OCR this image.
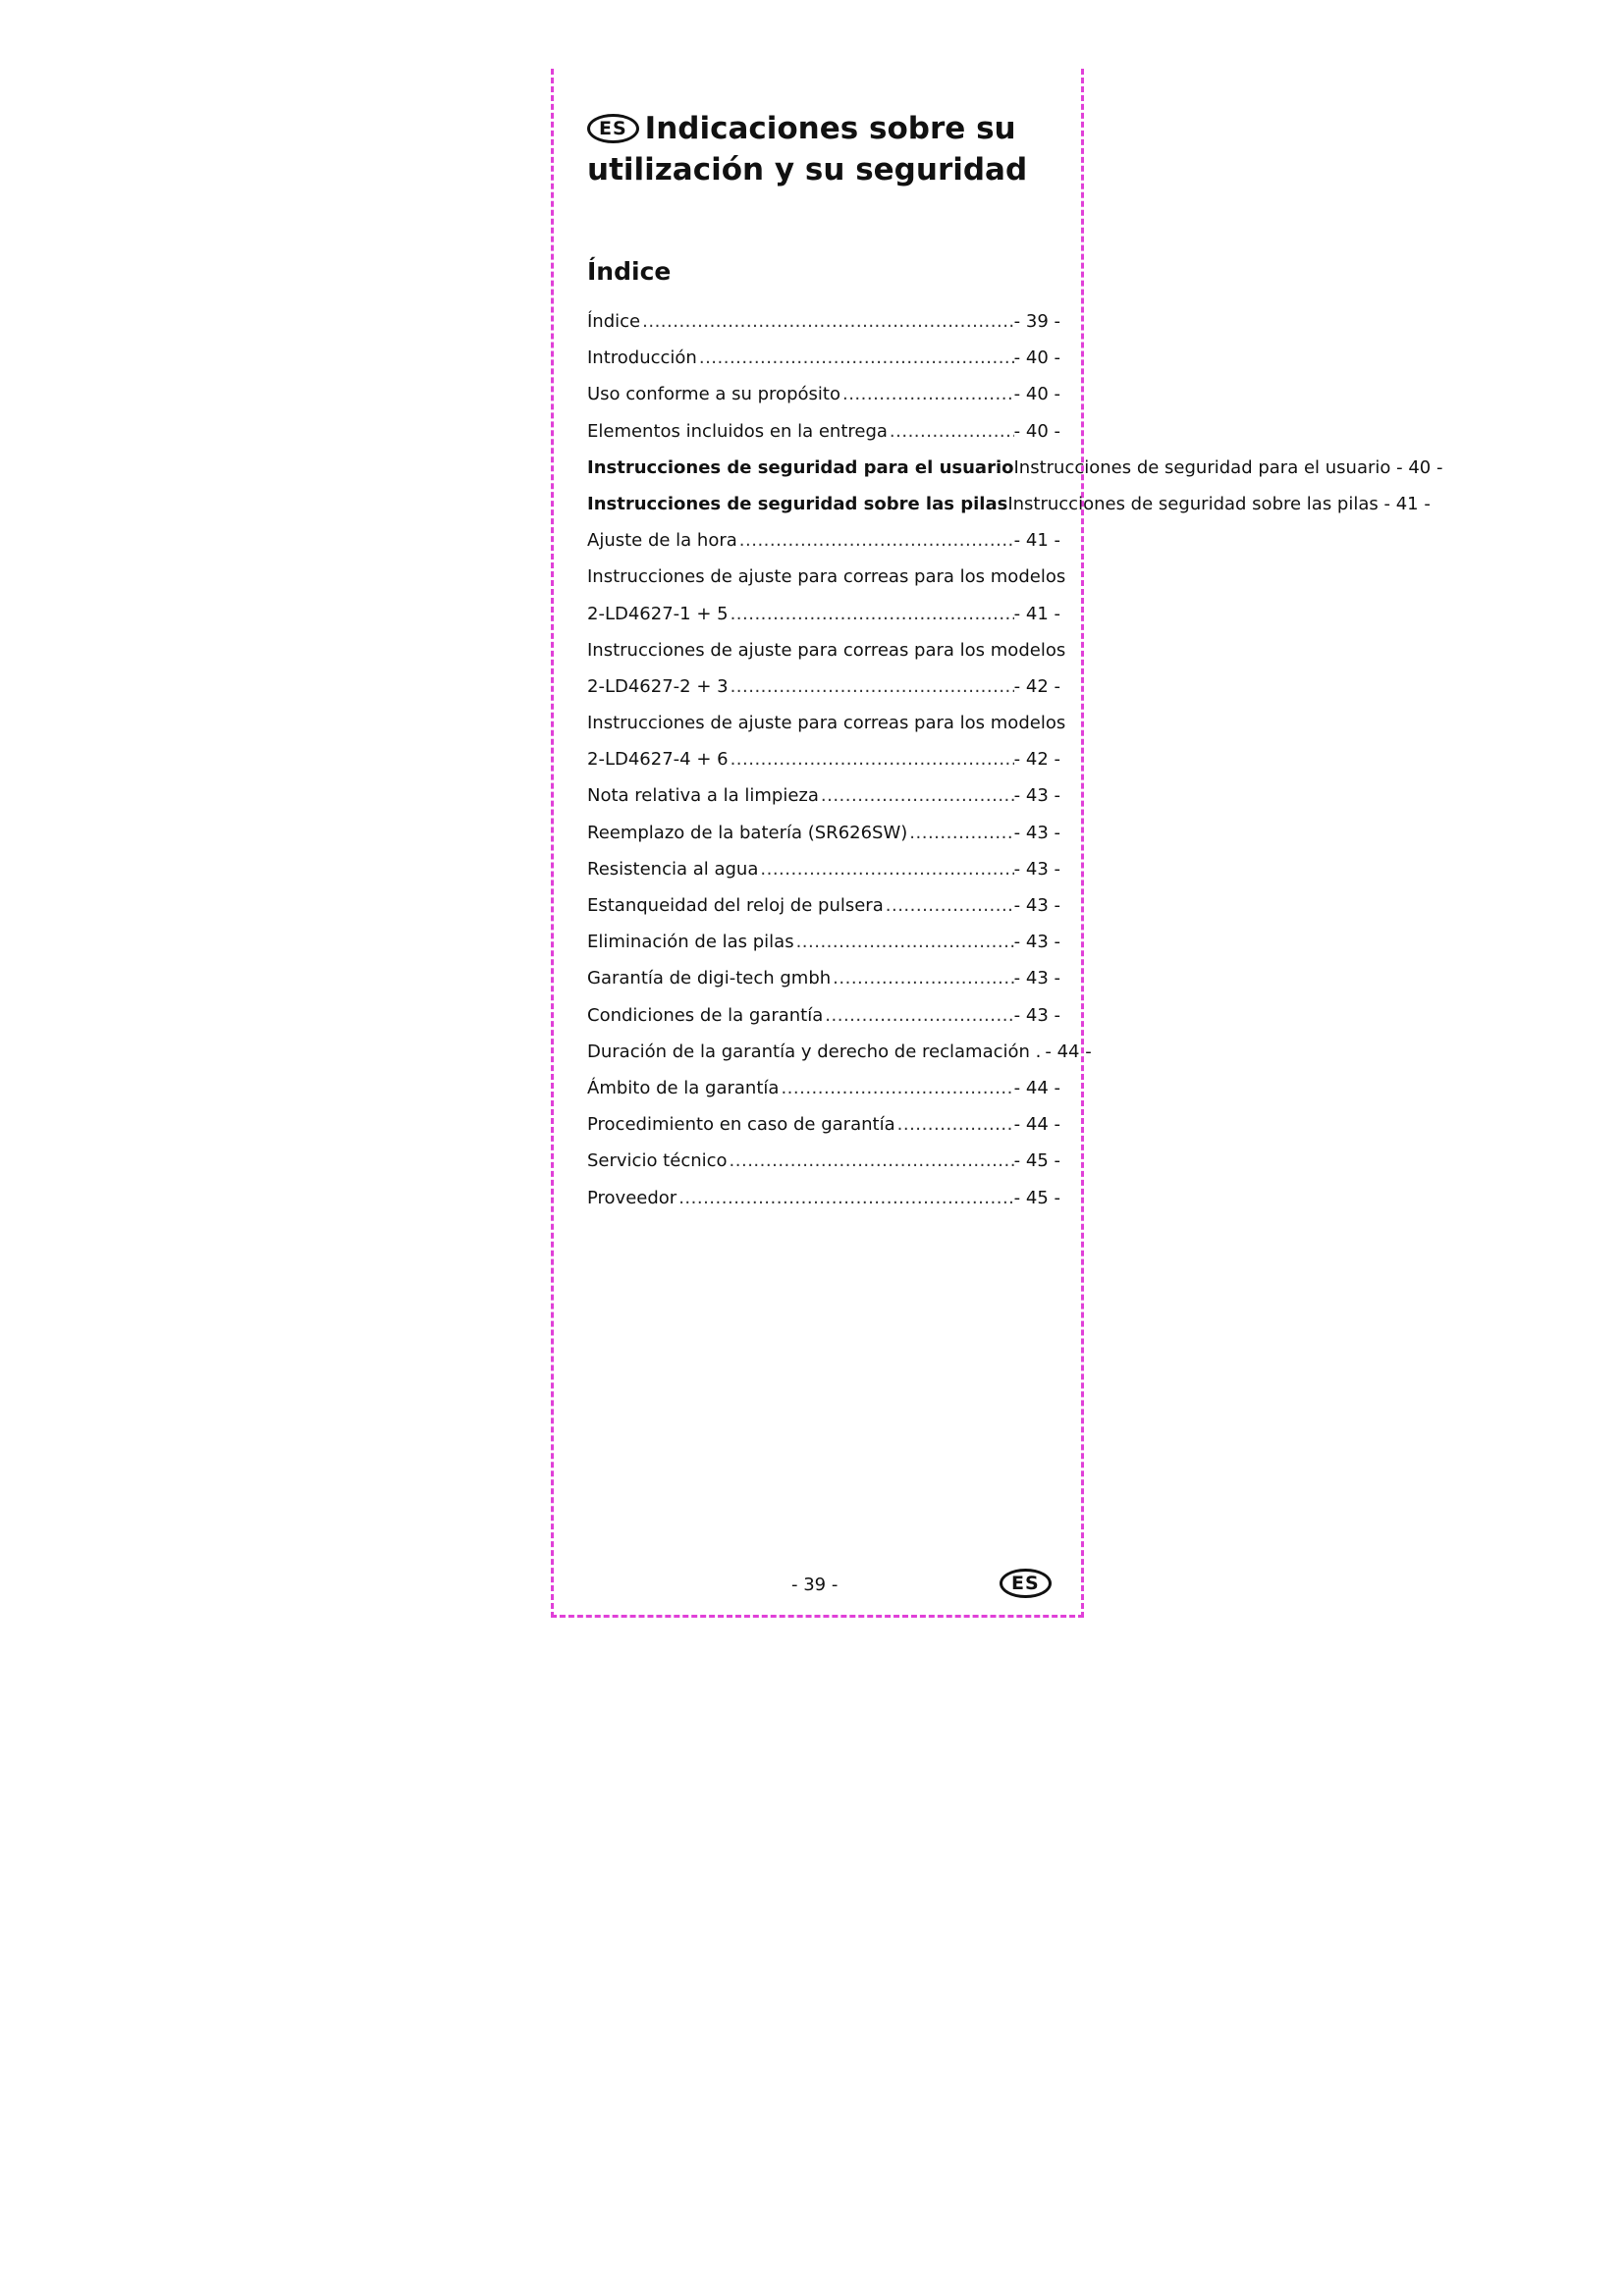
ES Indicaciones sobre su
utilización y su seguridad
Índice
Índice .....	- 39 -
Introducción .....	- 40 -
Uso conforme a su propósito .....	- 40 -
Elementos incluidos en la entrega .....	- 40 -
Instrucciones de seguridad para el usuario Instrucciones de seguridad para el usuario - 40 -
Instrucciones de seguridad sobre las pilas Instrucciones de seguridad sobre las pilas - 41 -
Ajuste de la hora .....	- 41 -
Instrucciones de ajuste para correas para los modelos
2-LD4627-1 + 5 .....	- 41 -
Instrucciones de ajuste para correas para los modelos
2-LD4627-2 + 3 .....	- 42 -
Instrucciones de ajuste para correas para los modelos
2-LD4627-4 + 6 .....	- 42 -
Nota relativa a la limpieza .....	- 43 -
Reemplazo de la batería (SR626SW) .....	- 43 -
Resistencia al agua .....	- 43 -
Estanqueidad del reloj de pulsera .....	- 43 -
Eliminación de las pilas .....	- 43 -
Garantía de digi-tech gmbh .....	- 43 -
Condiciones de la garantía .....	- 43 -
Duración de la garantía y derecho de reclamación . ..... - 44 -
Ámbito de la garantía .....	- 44 -
Procedimiento en caso de garantía .....	- 44 -
Servicio técnico .....	- 45 -
Proveedor .....	- 45 -
- 39 -	ES
